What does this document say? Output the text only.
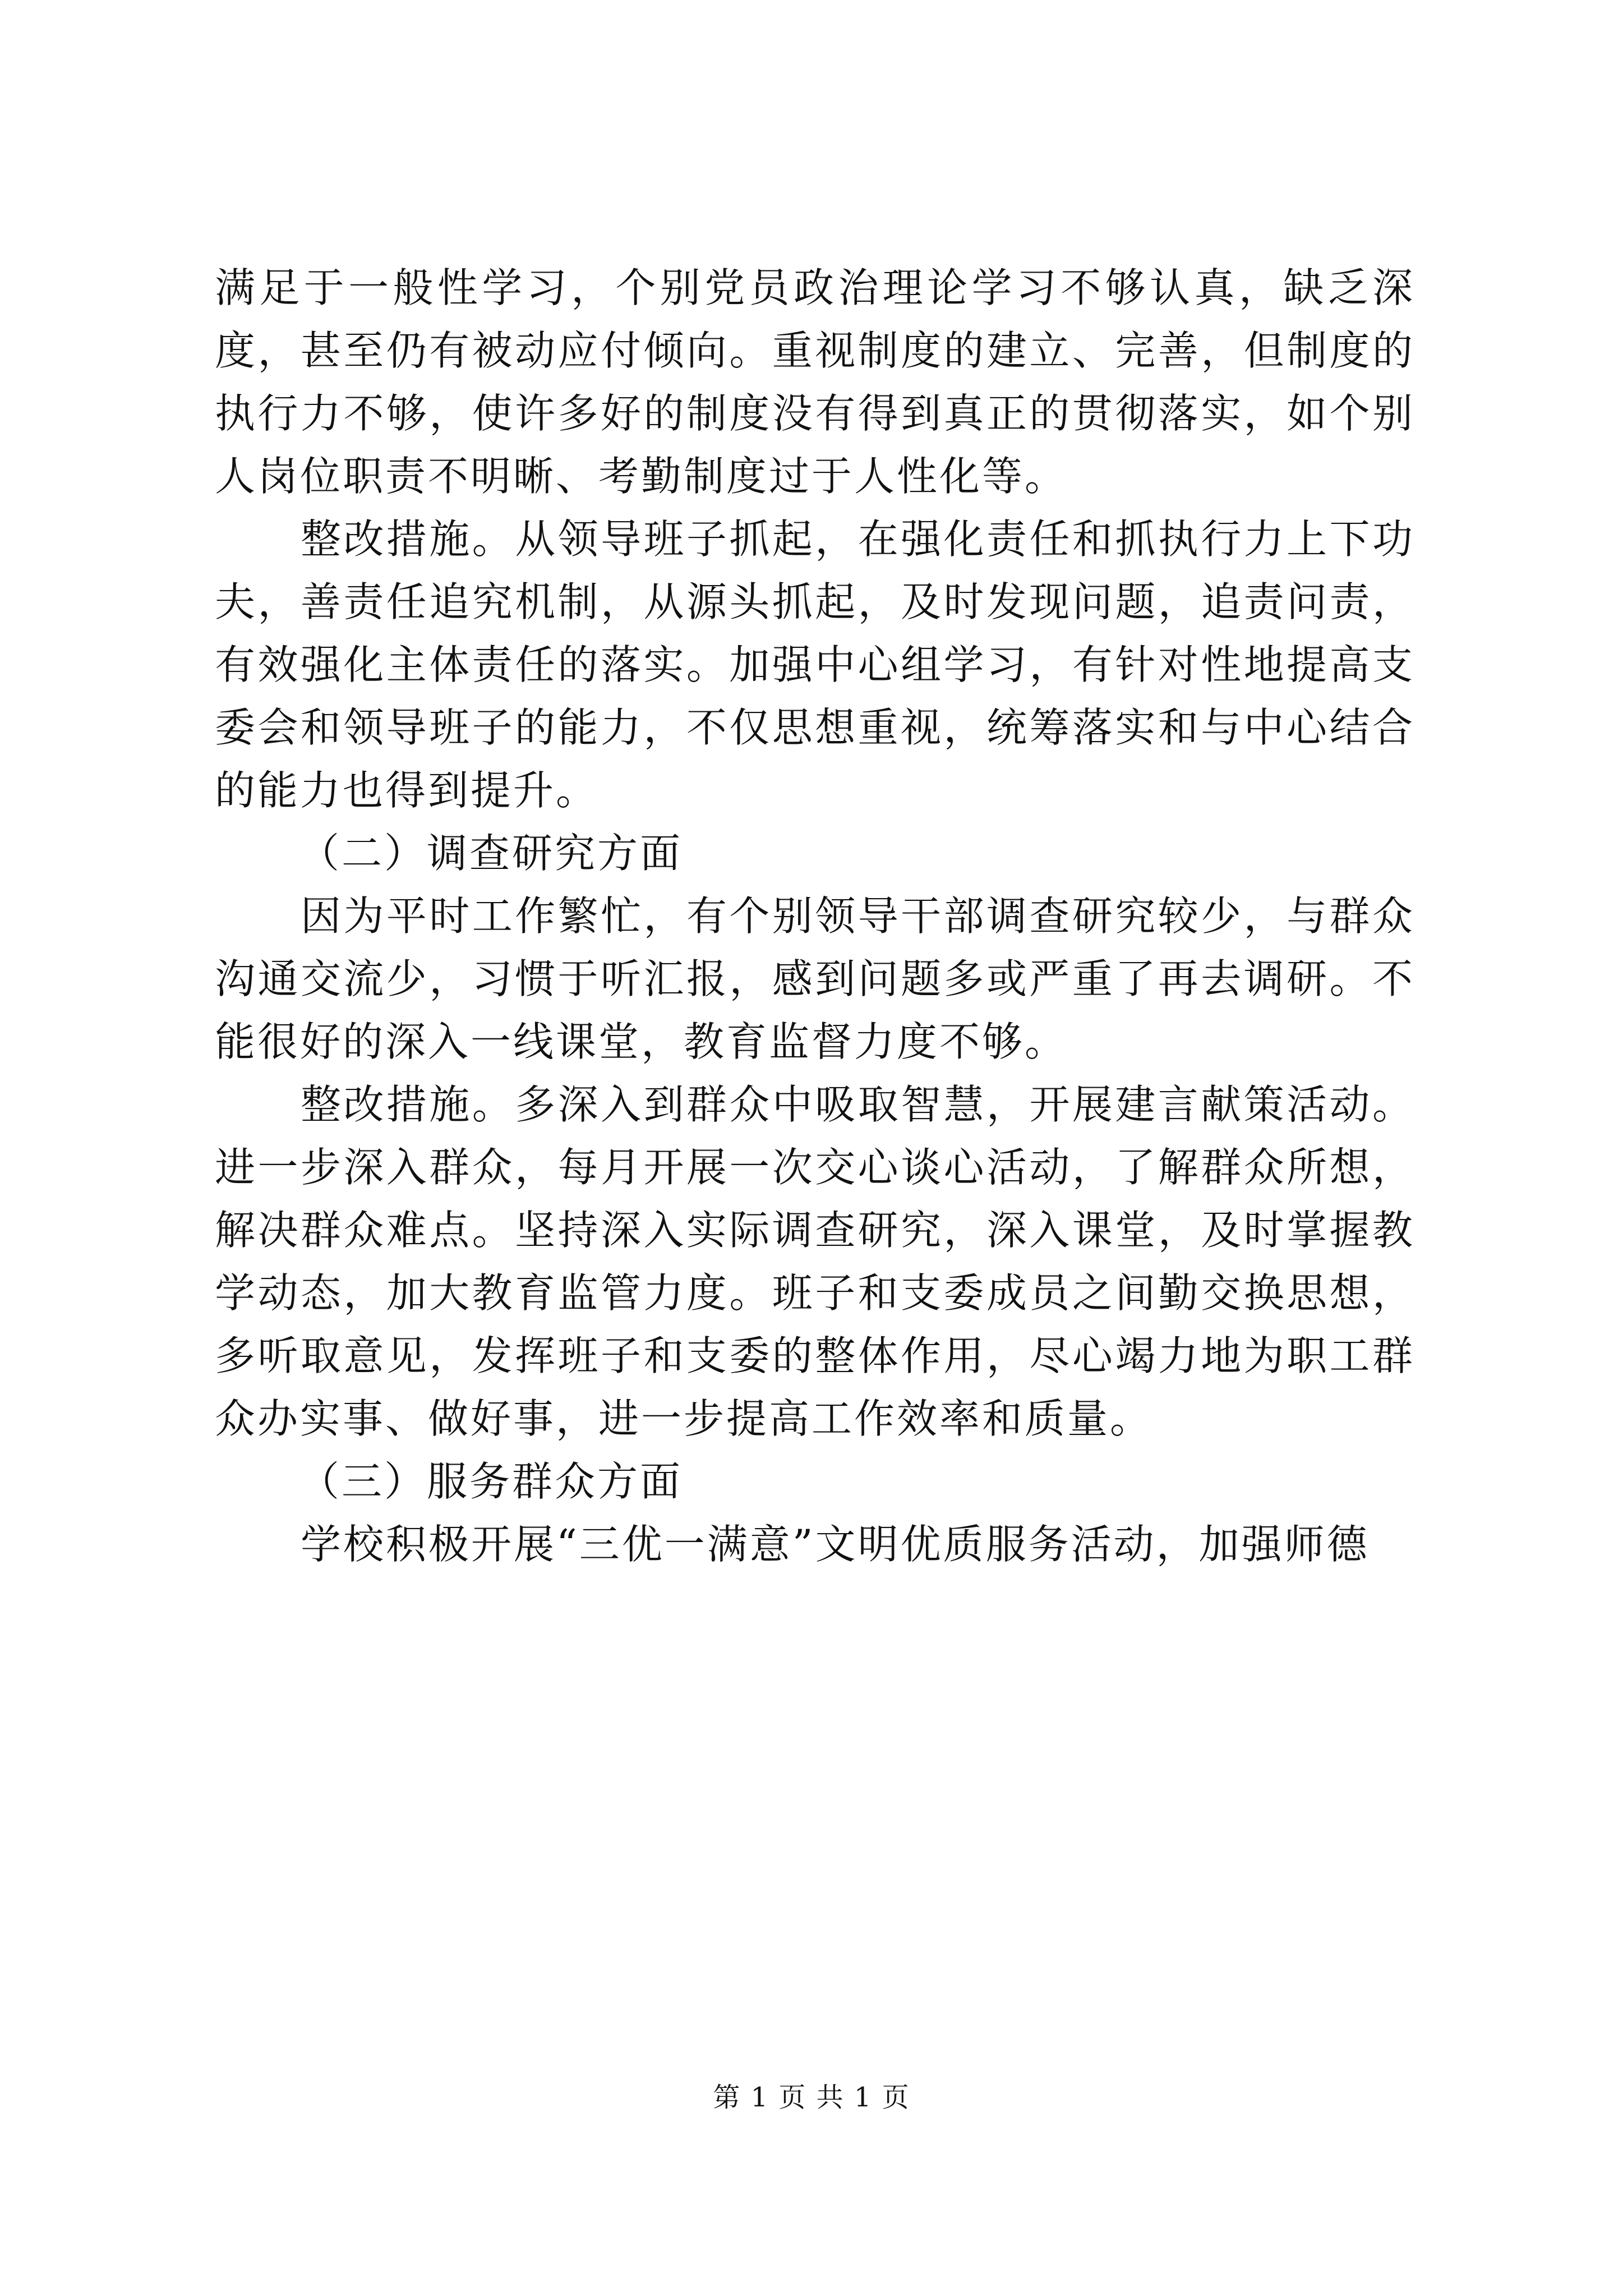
满足于一般性学习，个别党员政治理论学习不够认真，缺乏深度，甚至仍有被动应付倾向。重视制度的建立、完善，但制度的执行力不够，使许多好的制度没有得到真正的贯彻落实，如个别人岗位职责不明晰、考勤制度过于人性化等。

整改措施。从领导班子抓起，在强化责任和抓执行力上下功夫，善责任追究机制，从源头抓起，及时发现问题，追责问责，有效强化主体责任的落实。加强中心组学习，有针对性地提高支委会和领导班子的能力，不仅思想重视，统筹落实和与中心结合的能力也得到提升。

（二）调查研究方面

因为平时工作繁忙，有个别领导干部调查研究较少，与群众沟通交流少，习惯于听汇报，感到问题多或严重了再去调研。不能很好的深入一线课堂，教育监督力度不够。

整改措施。多深入到群众中吸取智慧，开展建言献策活动。进一步深入群众，每月开展一次交心谈心活动，了解群众所想，解决群众难点。坚持深入实际调查研究，深入课堂，及时掌握教学动态，加大教育监管力度。班子和支委成员之间勤交换思想，多听取意见，发挥班子和支委的整体作用，尽心竭力地为职工群众办实事、做好事，进一步提高工作效率和质量。

（三）服务群众方面

学校积极开展“三优一满意”文明优质服务活动，加强师德

第 1 页 共 1 页
